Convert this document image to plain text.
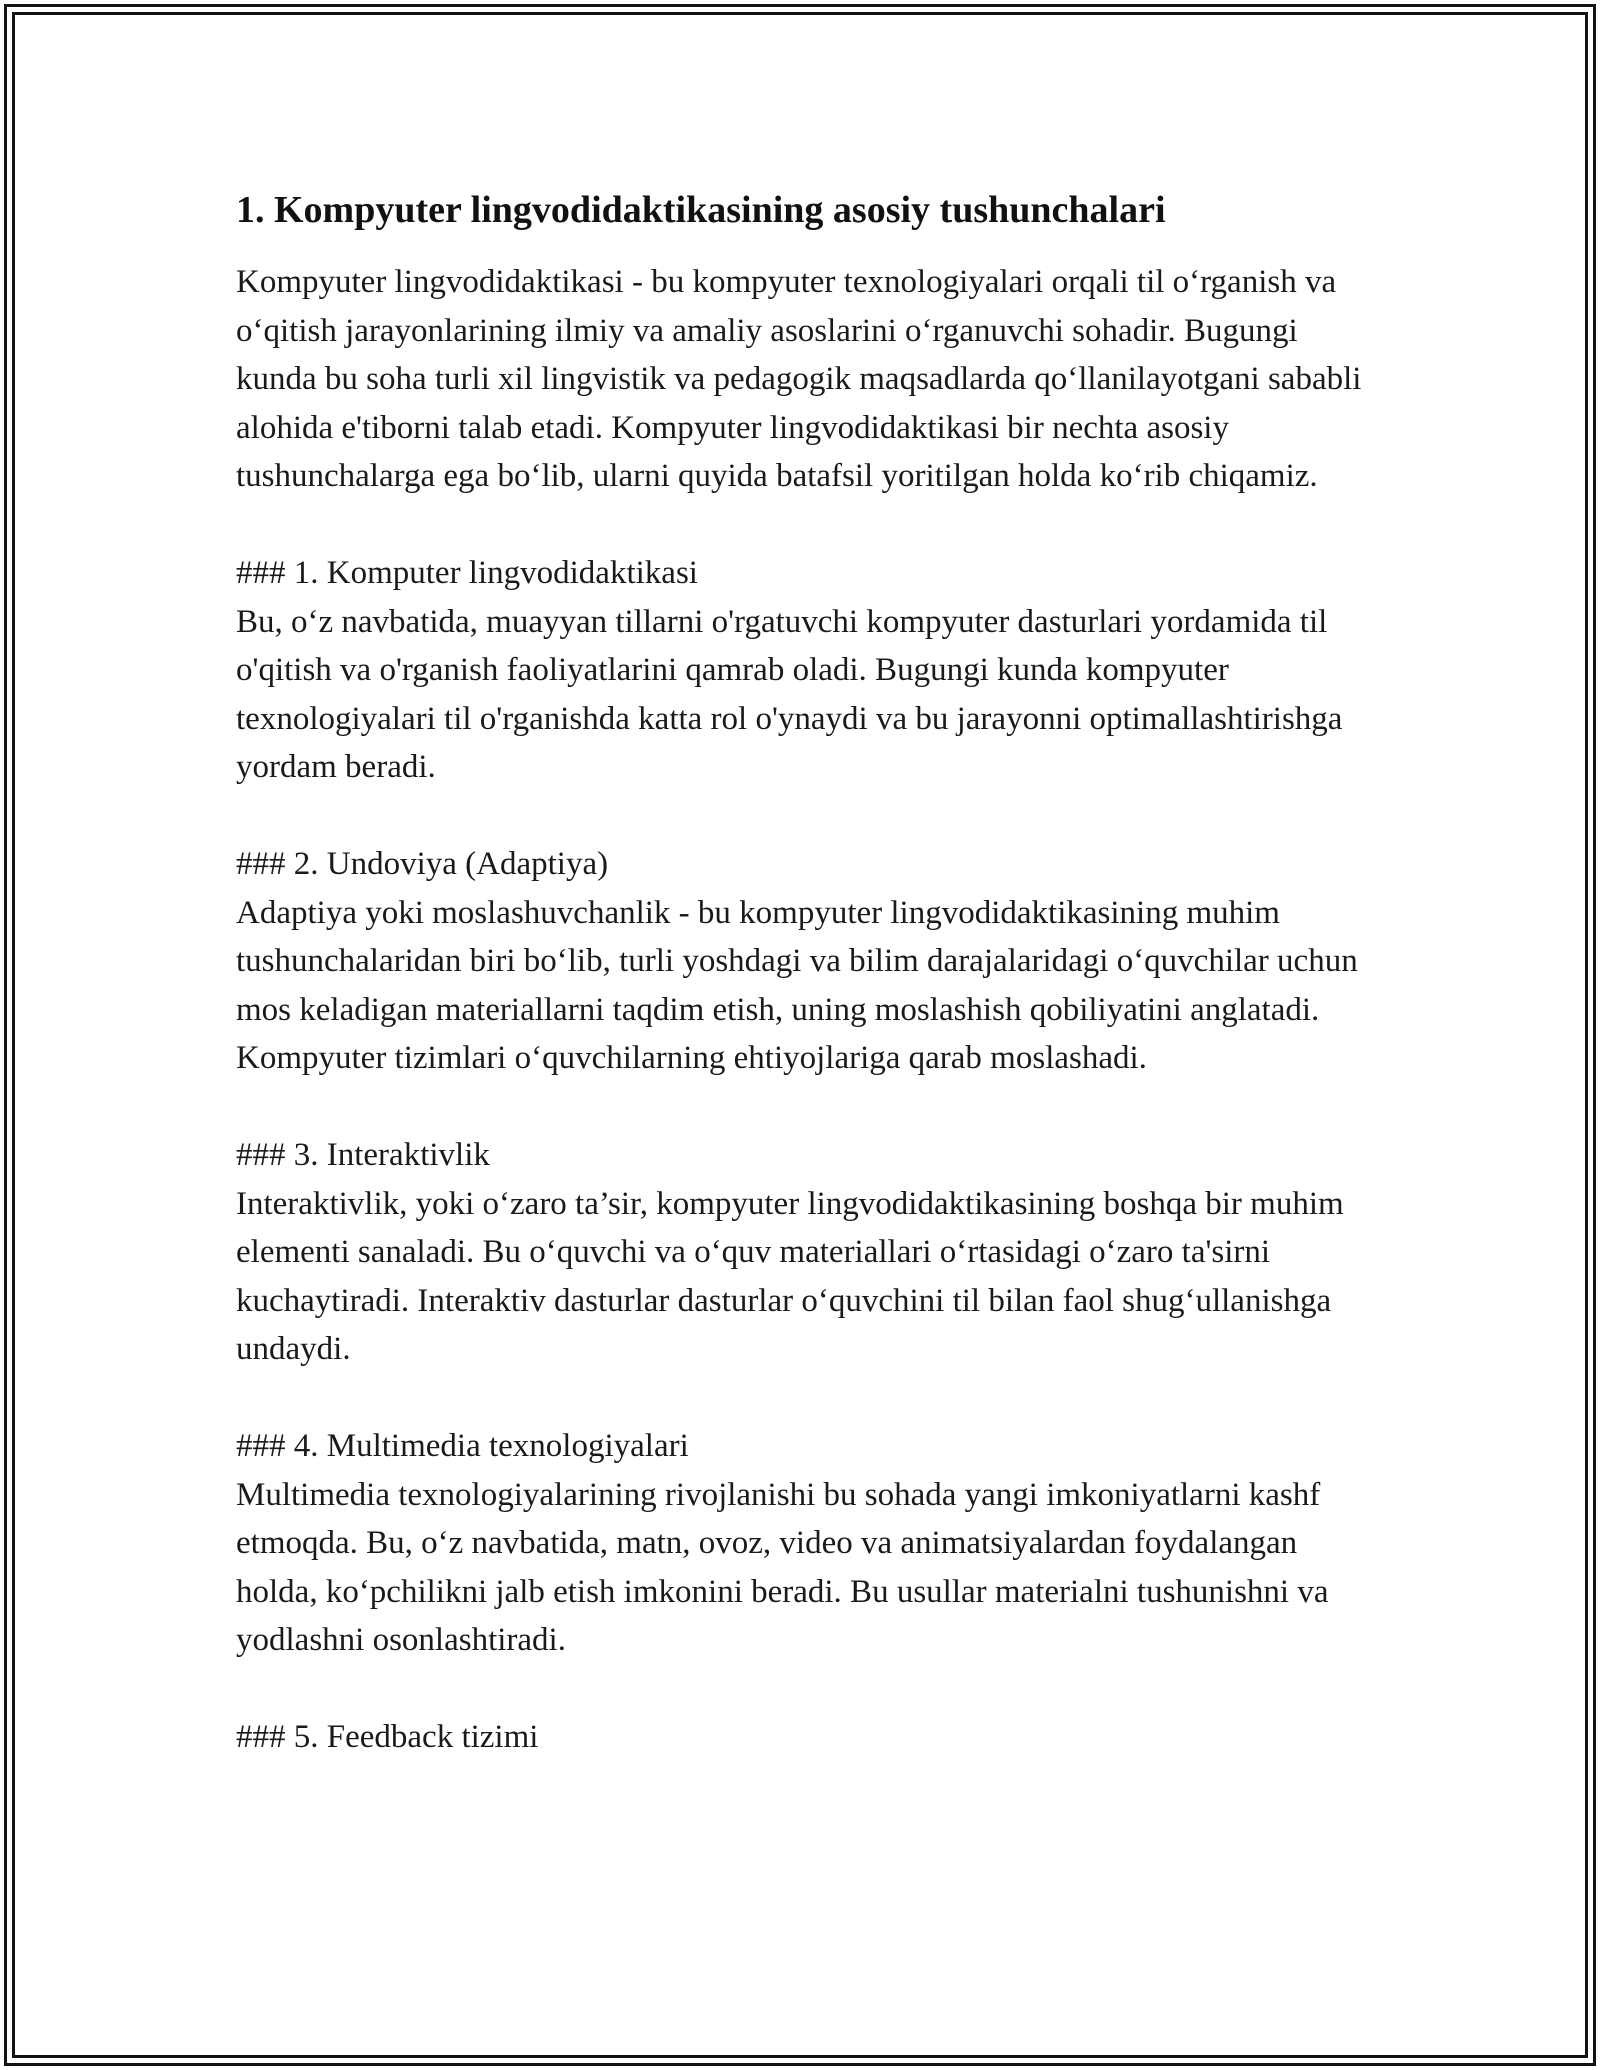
1. Kompyuter lingvodidaktikasining asosiy tushunchalari

Kompyuter lingvodidaktikasi - bu kompyuter texnologiyalari orqali til o‘rganish va o‘qitish jarayonlarining ilmiy va amaliy asoslarini o‘rganuvchi sohadir. Bugungi kunda bu soha turli xil lingvistik va pedagogik maqsadlarda qo‘llanilayotgani sababli alohida e'tiborni talab etadi. Kompyuter lingvodidaktikasi bir nechta asosiy tushunchalarga ega bo‘lib, ularni quyida batafsil yoritilgan holda ko‘rib chiqamiz.

### 1. Komputer lingvodidaktikasi

Bu, o‘z navbatida, muayyan tillarni o'rgatuvchi kompyuter dasturlari yordamida til o'qitish va o'rganish faoliyatlarini qamrab oladi. Bugungi kunda kompyuter texnologiyalari til o'rganishda katta rol o'ynaydi va bu jarayonni optimallashtirishga yordam beradi.

### 2. Undoviya (Adaptiya)

Adaptiya yoki moslashuvchanlik - bu kompyuter lingvodidaktikasining muhim tushunchalaridan biri bo‘lib, turli yoshdagi va bilim darajalaridagi o‘quvchilar uchun mos keladigan materiallarni taqdim etish, uning moslashish qobiliyatini anglatadi. Kompyuter tizimlari o‘quvchilarning ehtiyojlariga qarab moslashadi.

### 3. Interaktivlik

Interaktivlik, yoki o‘zaro ta’sir, kompyuter lingvodidaktikasining boshqa bir muhim elementi sanaladi. Bu o‘quvchi va o‘quv materiallari o‘rtasidagi o‘zaro ta'sirni kuchaytiradi. Interaktiv dasturlar dasturlar o‘quvchini til bilan faol shug‘ullanishga undaydi.

### 4. Multimedia texnologiyalari

Multimedia texnologiyalarining rivojlanishi bu sohada yangi imkoniyatlarni kashf etmoqda. Bu, o‘z navbatida, matn, ovoz, video va animatsiyalardan foydalangan holda, ko‘pchilikni jalb etish imkonini beradi. Bu usullar materialni tushunishni va yodlashni osonlashtiradi.

### 5. Feedback tizimi
